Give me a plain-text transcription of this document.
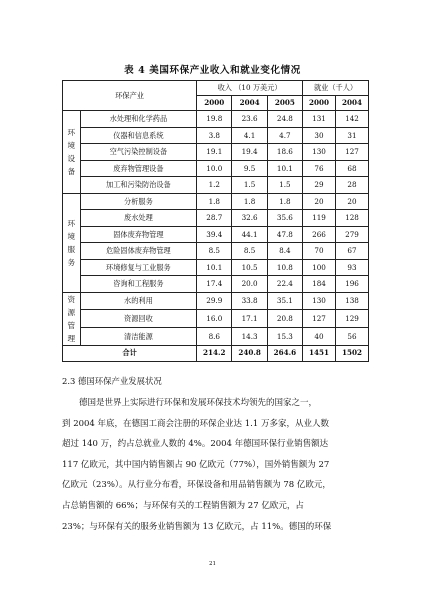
表 4 美国环保产业收入和就业变化情况
环保产业		收入 （10 万美元）			就业（千人）	
		2000	2004	2005	2000	2004

环
境
设
备	水处理和化学药品	19.8	23.6	24.8	131	142
	仪器和信息系统	3.8	4.1	4.7	30	31
	空气污染控制设备	19.1	19.4	18.6	130	127
	废弃物管理设备	10.0	9.5	10.1	76	68
	加工和污染防治设备	1.2	1.5	1.5	29	28

环
境
服
务	分析服务	1.8	1.8	1.8	20	20
	废水处理	28.7	32.6	35.6	119	128
	固体废弃物管理	39.4	44.1	47.8	266	279
	危险固体废弃物管理	8.5	8.5	8.4	70	67
	环境修复与工业服务	10.1	10.5	10.8	100	93
	咨询和工程服务	17.4	20.0	22.4	184	196

资
源
管
理	水的利用	29.9	33.8	35.1	130	138
	资源回收	16.0	17.1	20.8	127	129
	清洁能源	8.6	14.3	15.3	40	56
合计		214.2	240.8	264.6	1451	1502
2.3 德国环保产业发展状况
　　德国是世界上实际进行环保和发展环保技术均领先的国家之一，
到 2004 年底，在德国工商会注册的环保企业达 1.1 万多家，从业人数
超过 140 万，约占总就业人数的 4%。2004 年德国环保行业销售额达
117 亿欧元，其中国内销售额占 90 亿欧元（77%），国外销售额为 27
亿欧元（23%）。从行业分布看，环保设备和用品销售额为 78 亿欧元，
占总销售额的 66%；与环保有关的工程销售额为 27 亿欧元，占
23%；与环保有关的服务业销售额为 13 亿欧元，占 11%。德国的环保
21
